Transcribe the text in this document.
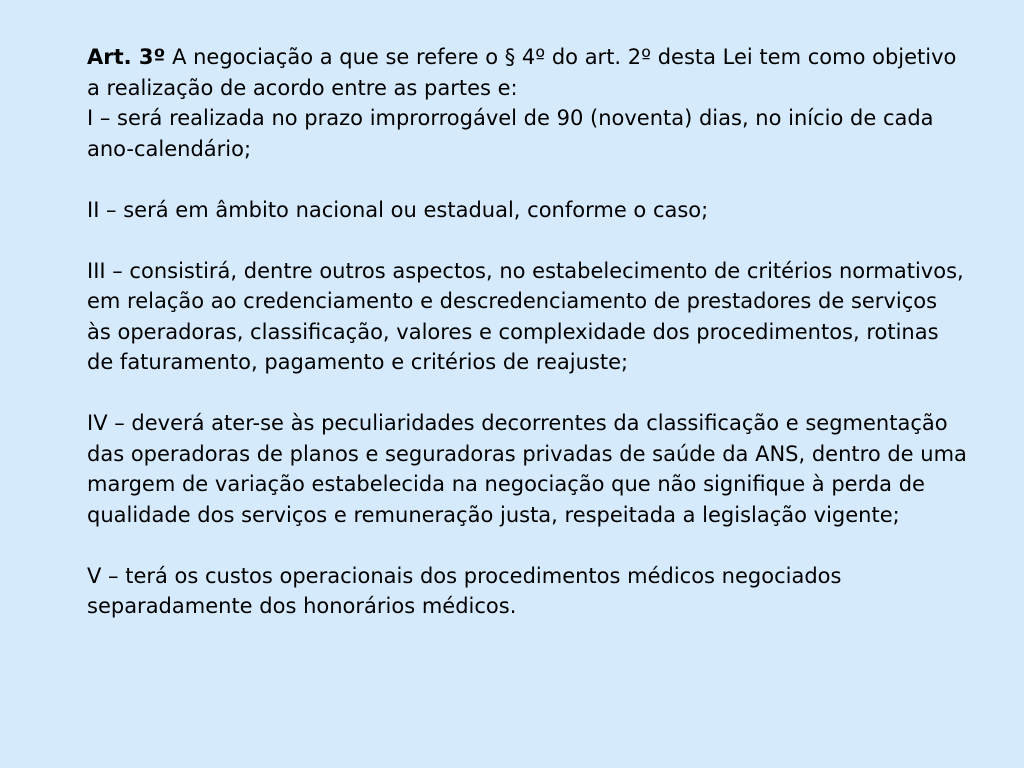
Art. 3º A negociação a que se refere o § 4º do art. 2º desta Lei tem como objetivo a realização de acordo entre as partes e:

I – será realizada no prazo improrrogável de 90 (noventa) dias, no início de cada ano-calendário;

II – será em âmbito nacional ou estadual, conforme o caso;

III – consistirá, dentre outros aspectos, no estabelecimento de critérios normativos, em relação ao credenciamento e descredenciamento de prestadores de serviços às operadoras, classificação, valores e complexidade dos procedimentos, rotinas de faturamento, pagamento e critérios de reajuste;

IV – deverá ater-se às peculiaridades decorrentes da classificação e segmentação das operadoras de planos e seguradoras privadas de saúde da ANS, dentro de uma margem de variação estabelecida na negociação que não signifique à perda de qualidade dos serviços e remuneração justa, respeitada a legislação vigente;

V – terá os custos operacionais dos procedimentos médicos negociados separadamente dos honorários médicos.
